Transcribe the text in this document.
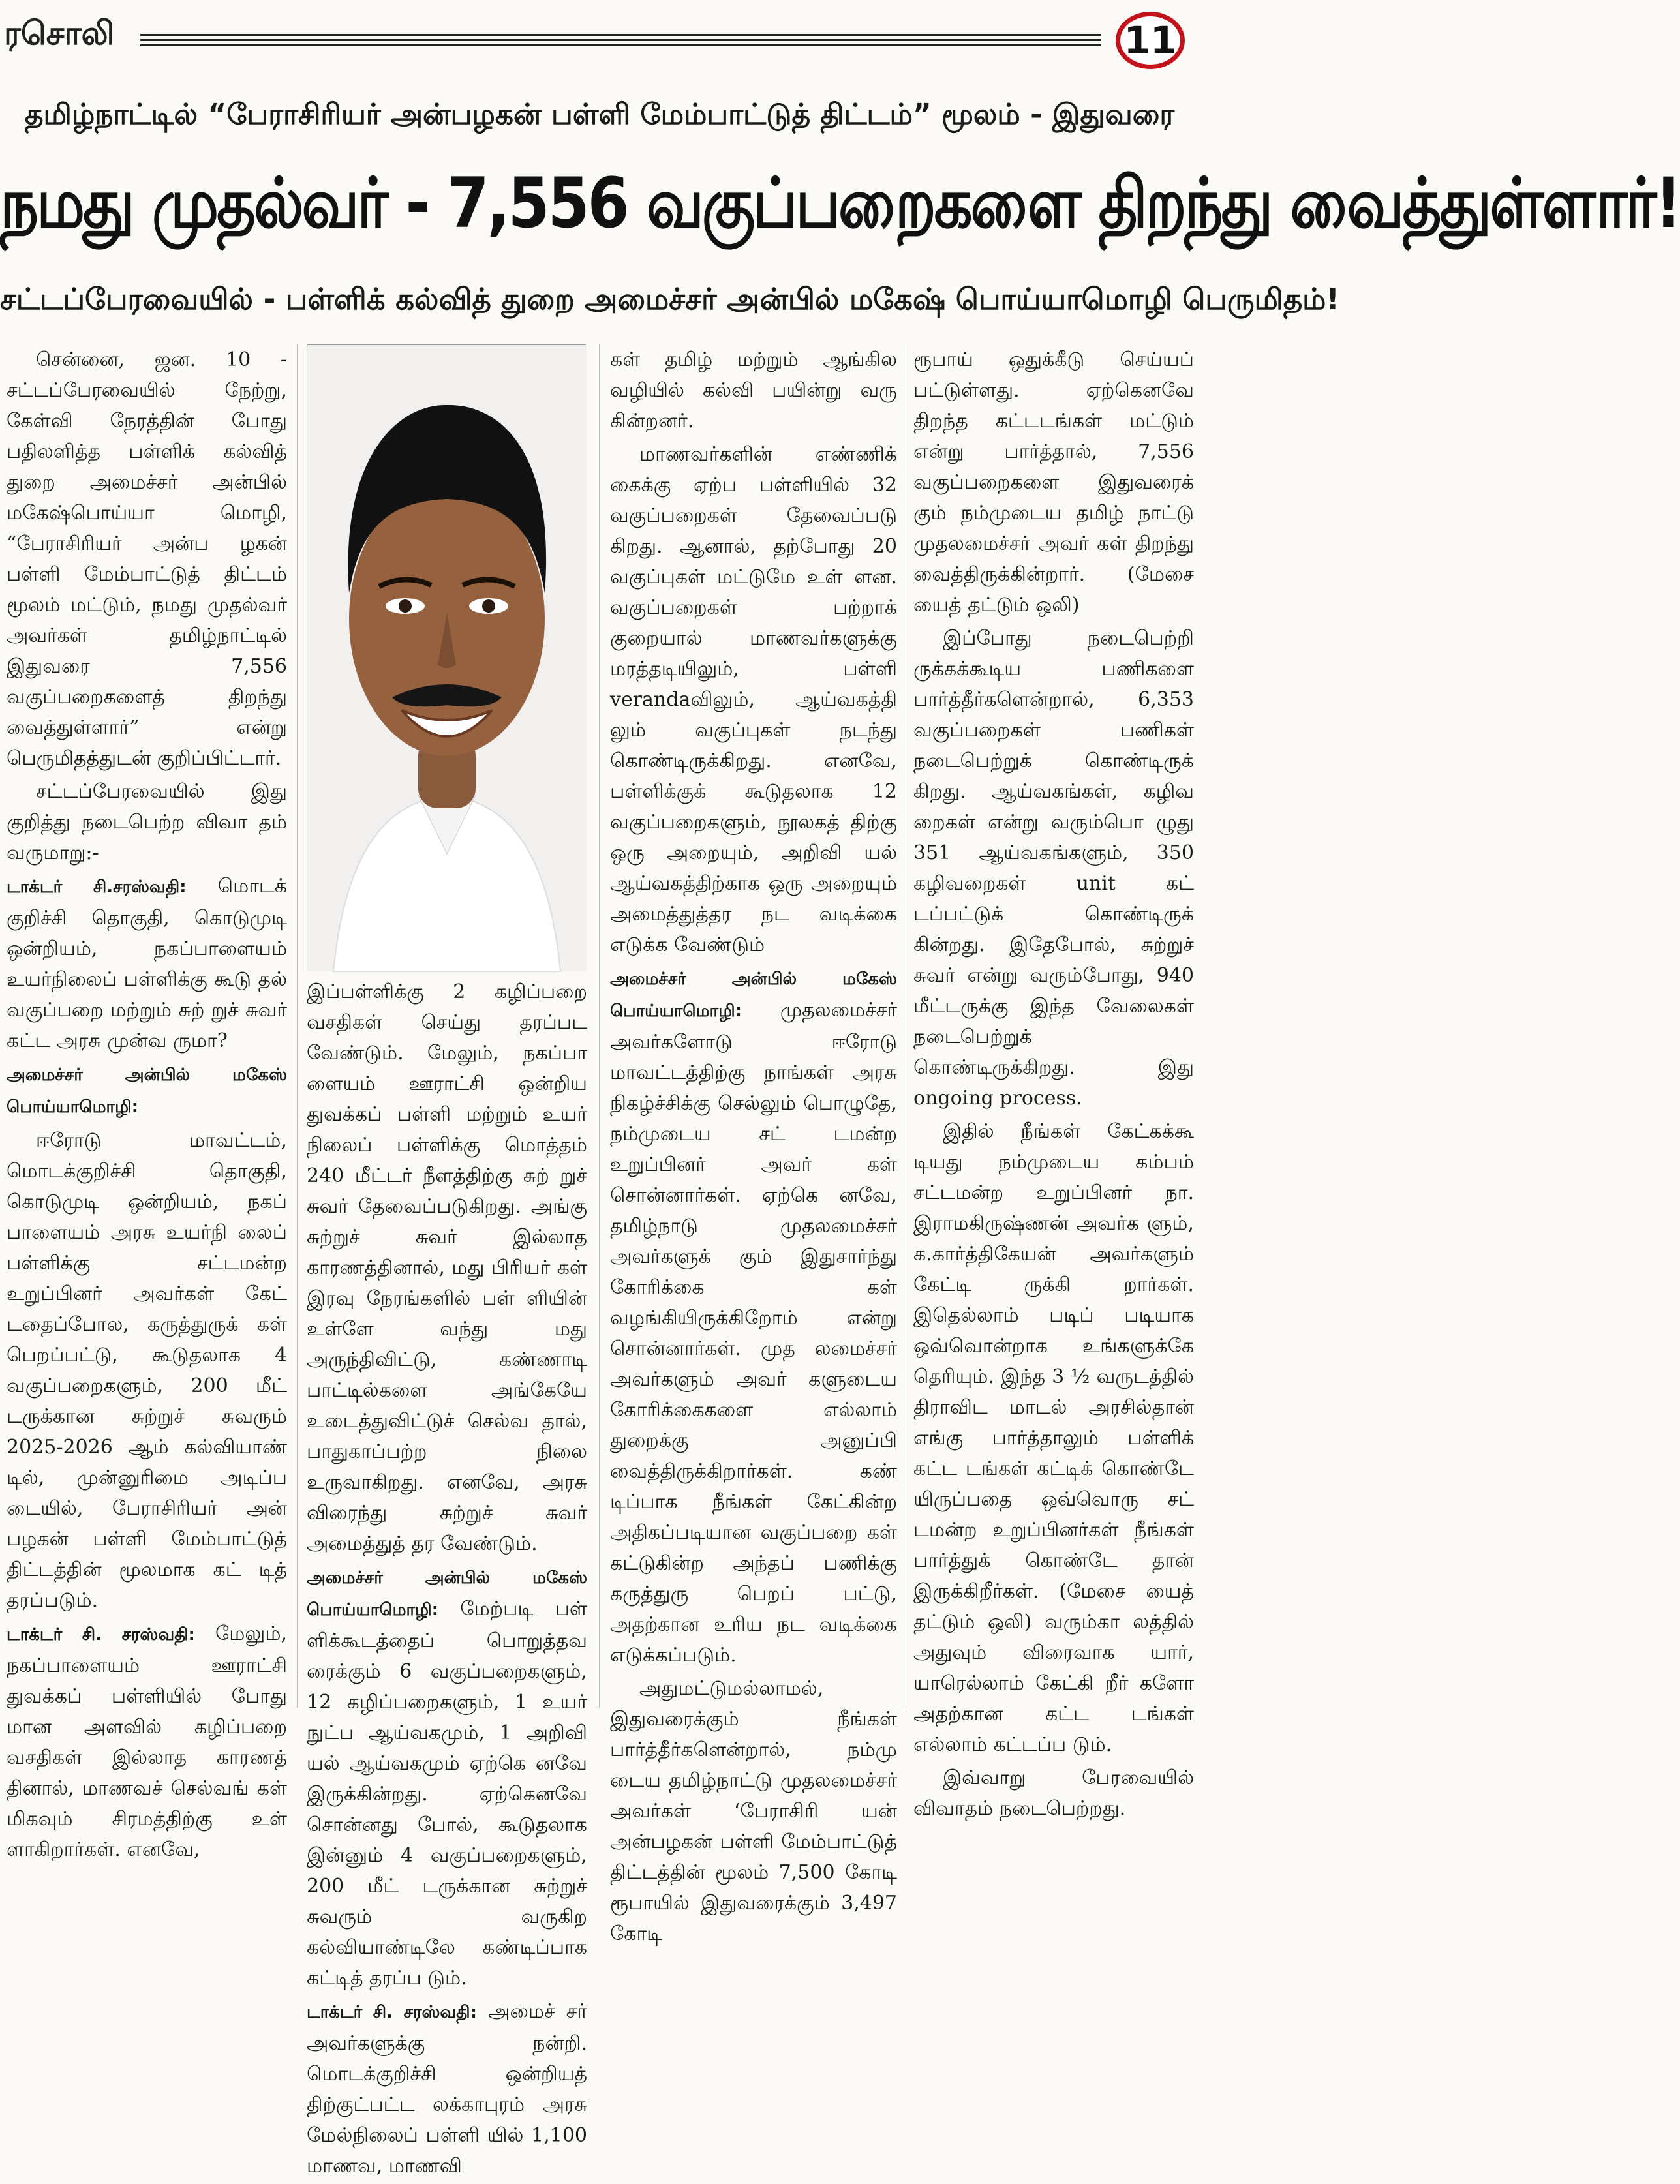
ரசொலி	11
தமிழ்நாட்டில் “பேராசிரியர் அன்பழகன் பள்ளி மேம்பாட்டுத் திட்டம்” மூலம் - இதுவரை
நமது முதல்வர் - 7,556 வகுப்பறைகளை திறந்து வைத்துள்ளார்!
சட்டப்பேரவையில் - பள்ளிக் கல்வித் துறை அமைச்சர் அன்பில் மகேஷ் பொய்யாமொழி பெருமிதம்!

சென்னை, ஜன. 10 - சட்டப்பேரவையில் நேற்று, கேள்வி நேரத்தின் போது பதிலளித்த பள்ளிக் கல்வித் துறை அமைச்சர் அன்பில் மகேஷ்பொய்யா மொழி, “பேராசிரியர் அன்ப ழகன் பள்ளி மேம்பாட்டுத் திட்டம் மூலம் மட்டும், நமது முதல்வர் அவர்கள் தமிழ்நாட்டில் இதுவரை 7,556 வகுப்பறைகளைத் திறந்து வைத்துள்ளார்” என்று பெருமிதத்துடன் குறிப்பிட்டார்.

சட்டப்பேரவையில் இது குறித்து நடைபெற்ற விவா தம் வருமாறு:-

டாக்டர் சி.சரஸ்வதி: மொடக் குறிச்சி தொகுதி, கொடுமுடி ஒன்றியம், நகப்பாளையம் உயர்நிலைப் பள்ளிக்கு கூடு தல் வகுப்பறை மற்றும் சுற் றுச் சுவர் கட்ட அரசு முன்வ ருமா?

அமைச்சர் அன்பில் மகேஸ் பொய்யாமொழி:

ஈரோடு மாவட்டம், மொடக்குறிச்சி தொகுதி, கொடுமுடி ஒன்றியம், நகப் பாளையம் அரசு உயர்நி லைப் பள்ளிக்கு சட்டமன்ற உறுப்பினர் அவர்கள் கேட் டதைப்போல, கருத்துருக் கள் பெறப்பட்டு, கூடுதலாக 4 வகுப்பறைகளும், 200 மீட் டருக்கான சுற்றுச் சுவரும் 2025-2026 ஆம் கல்வியாண் டில், முன்னுரிமை அடிப்ப டையில், பேராசிரியர் அன் பழகன் பள்ளி மேம்பாட்டுத் திட்டத்தின் மூலமாக கட் டித் தரப்படும்.

டாக்டர் சி. சரஸ்வதி: மேலும், நகப்பாளையம் ஊராட்சி துவக்கப் பள்ளியில் போது மான அளவில் கழிப்பறை வசதிகள் இல்லாத காரணத் தினால், மாணவச் செல்வங் கள் மிகவும் சிரமத்திற்கு உள் ளாகிறார்கள். எனவே,

இப்பள்ளிக்கு 2 கழிப்பறை வசதிகள் செய்து தரப்பட வேண்டும். மேலும், நகப்பா ளையம் ஊராட்சி ஒன்றிய துவக்கப் பள்ளி மற்றும் உயர் நிலைப் பள்ளிக்கு மொத்தம் 240 மீட்டர் நீளத்திற்கு சுற் றுச் சுவர் தேவைப்படுகிறது. அங்கு சுற்றுச் சுவர் இல்லாத காரணத்தினால், மது பிரியர் கள் இரவு நேரங்களில் பள் ளியின் உள்ளே வந்து மது அருந்திவிட்டு, கண்ணாடி பாட்டில்களை அங்கேயே உடைத்துவிட்டுச் செல்வ தால், பாதுகாப்பற்ற நிலை உருவாகிறது. எனவே, அரசு விரைந்து சுற்றுச் சுவர் அமைத்துத் தர வேண்டும்.

அமைச்சர் அன்பில் மகேஸ் பொய்யாமொழி: மேற்படி பள் ளிக்கூடத்தைப் பொறுத்தவ ரைக்கும் 6 வகுப்பறைகளும், 12 கழிப்பறைகளும், 1 உயர் நுட்ப ஆய்வகமும், 1 அறிவி யல் ஆய்வகமும் ஏற்கெ னவே இருக்கின்றது. ஏற்கெனவே சொன்னது போல், கூடுதலாக இன்னும் 4 வகுப்பறைகளும், 200 மீட் டருக்கான சுற்றுச் சுவரும் வருகிற கல்வியாண்டிலே கண்டிப்பாக கட்டித் தரப்ப டும்.

டாக்டர் சி. சரஸ்வதி: அமைச் சர் அவர்களுக்கு நன்றி. மொடக்குறிச்சி ஒன்றியத் திற்குட்பட்ட லக்காபுரம் அரசு மேல்நிலைப் பள்ளி யில் 1,100 மாணவ, மாணவி

கள் தமிழ் மற்றும் ஆங்கில வழியில் கல்வி பயின்று வரு கின்றனர்.

மாணவர்களின் எண்ணிக் கைக்கு ஏற்ப பள்ளியில் 32 வகுப்பறைகள் தேவைப்படு கிறது. ஆனால், தற்போது 20 வகுப்புகள் மட்டுமே உள் ளன. வகுப்பறைகள் பற்றாக் குறையால் மாணவர்களுக்கு மரத்தடியிலும், பள்ளி verandaவிலும், ஆய்வகத்தி லும் வகுப்புகள் நடந்து கொண்டிருக்கிறது. எனவே, பள்ளிக்குக் கூடுதலாக 12 வகுப்பறைகளும், நூலகத் திற்கு ஒரு அறையும், அறிவி யல் ஆய்வகத்திற்காக ஒரு அறையும் அமைத்துத்தர நட வடிக்கை எடுக்க வேண்டும்

அமைச்சர் அன்பில் மகேஸ் பொய்யாமொழி: முதலமைச்சர் அவர்களோடு ஈரோடு மாவட்டத்திற்கு நாங்கள் அரசு நிகழ்ச்சிக்கு செல்லும் பொழுதே, நம்முடைய சட் டமன்ற உறுப்பினர் அவர் கள் சொன்னார்கள். ஏற்கெ னவே, தமிழ்நாடு முதலமைச்சர் அவர்களுக் கும் இதுசார்ந்து கோரிக்கை கள் வழங்கியிருக்கிறோம் என்று சொன்னார்கள். முத லமைச்சர் அவர்களும் அவர் களுடைய கோரிக்கைகளை எல்லாம் துறைக்கு அனுப்பி வைத்திருக்கிறார்கள். கண் டிப்பாக நீங்கள் கேட்கின்ற அதிகப்படியான வகுப்பறை கள் கட்டுகின்ற அந்தப் பணிக்கு கருத்துரு பெறப் பட்டு, அதற்கான உரிய நட வடிக்கை எடுக்கப்படும்.

அதுமட்டுமல்லாமல், இதுவரைக்கும் நீங்கள் பார்த்தீர்களென்றால், நம்மு டைய தமிழ்நாட்டு முதலமைச்சர் அவர்கள் ‘பேராசிரி யன் அன்பழகன் பள்ளி மேம்பாட்டுத் திட்டத்தின் மூலம் 7,500 கோடி ரூபாயில் இதுவரைக்கும் 3,497 கோடி

ரூபாய் ஒதுக்கீடு செய்யப் பட்டுள்ளது. ஏற்கெனவே திறந்த கட்டடங்கள் மட்டும் என்று பார்த்தால், 7,556 வகுப்பறைகளை இதுவரைக் கும் நம்முடைய தமிழ் நாட்டு முதலமைச்சர் அவர் கள் திறந்து வைத்திருக்கின்றார். (மேசை யைத் தட்டும் ஒலி)

இப்போது நடைபெற்றி ருக்கக்கூடிய பணிகளை பார்த்தீர்களென்றால், 6,353 வகுப்பறைகள் பணிகள் நடைபெற்றுக் கொண்டிருக் கிறது. ஆய்வகங்கள், கழிவ றைகள் என்று வரும்பொ ழுது 351 ஆய்வகங்களும், 350 கழிவறைகள் unit கட் டப்பட்டுக் கொண்டிருக் கின்றது. இதேபோல், சுற்றுச் சுவர் என்று வரும்போது, 940 மீட்டருக்கு இந்த வேலைகள் நடைபெற்றுக் கொண்டிருக்கிறது. இது ongoing process.

இதில் நீங்கள் கேட்கக்கூ டியது நம்முடைய கம்பம் சட்டமன்ற உறுப்பினர் நா. இராமகிருஷ்ணன் அவர்க ளும், க.கார்த்திகேயன் அவர்களும் கேட்டி ருக்கி றார்கள். இதெல்லாம் படிப் படியாக ஒவ்வொன்றாக உங்களுக்கே தெரியும். இந்த 3 ½ வருடத்தில் திராவிட மாடல் அரசில்தான் எங்கு பார்த்தாலும் பள்ளிக் கட்ட டங்கள் கட்டிக் கொண்டே யிருப்பதை ஒவ்வொரு சட் டமன்ற உறுப்பினர்கள் நீங்கள் பார்த்துக் கொண்டே தான் இருக்கிறீர்கள். (மேசை யைத் தட்டும் ஒலி) வரும்கா லத்தில் அதுவும் விரைவாக யார், யாரெல்லாம் கேட்கி றீர் களோ அதற்கான கட்ட டங்கள் எல்லாம் கட்டப்ப டும்.

இவ்வாறு பேரவையில் விவாதம் நடைபெற்றது.
